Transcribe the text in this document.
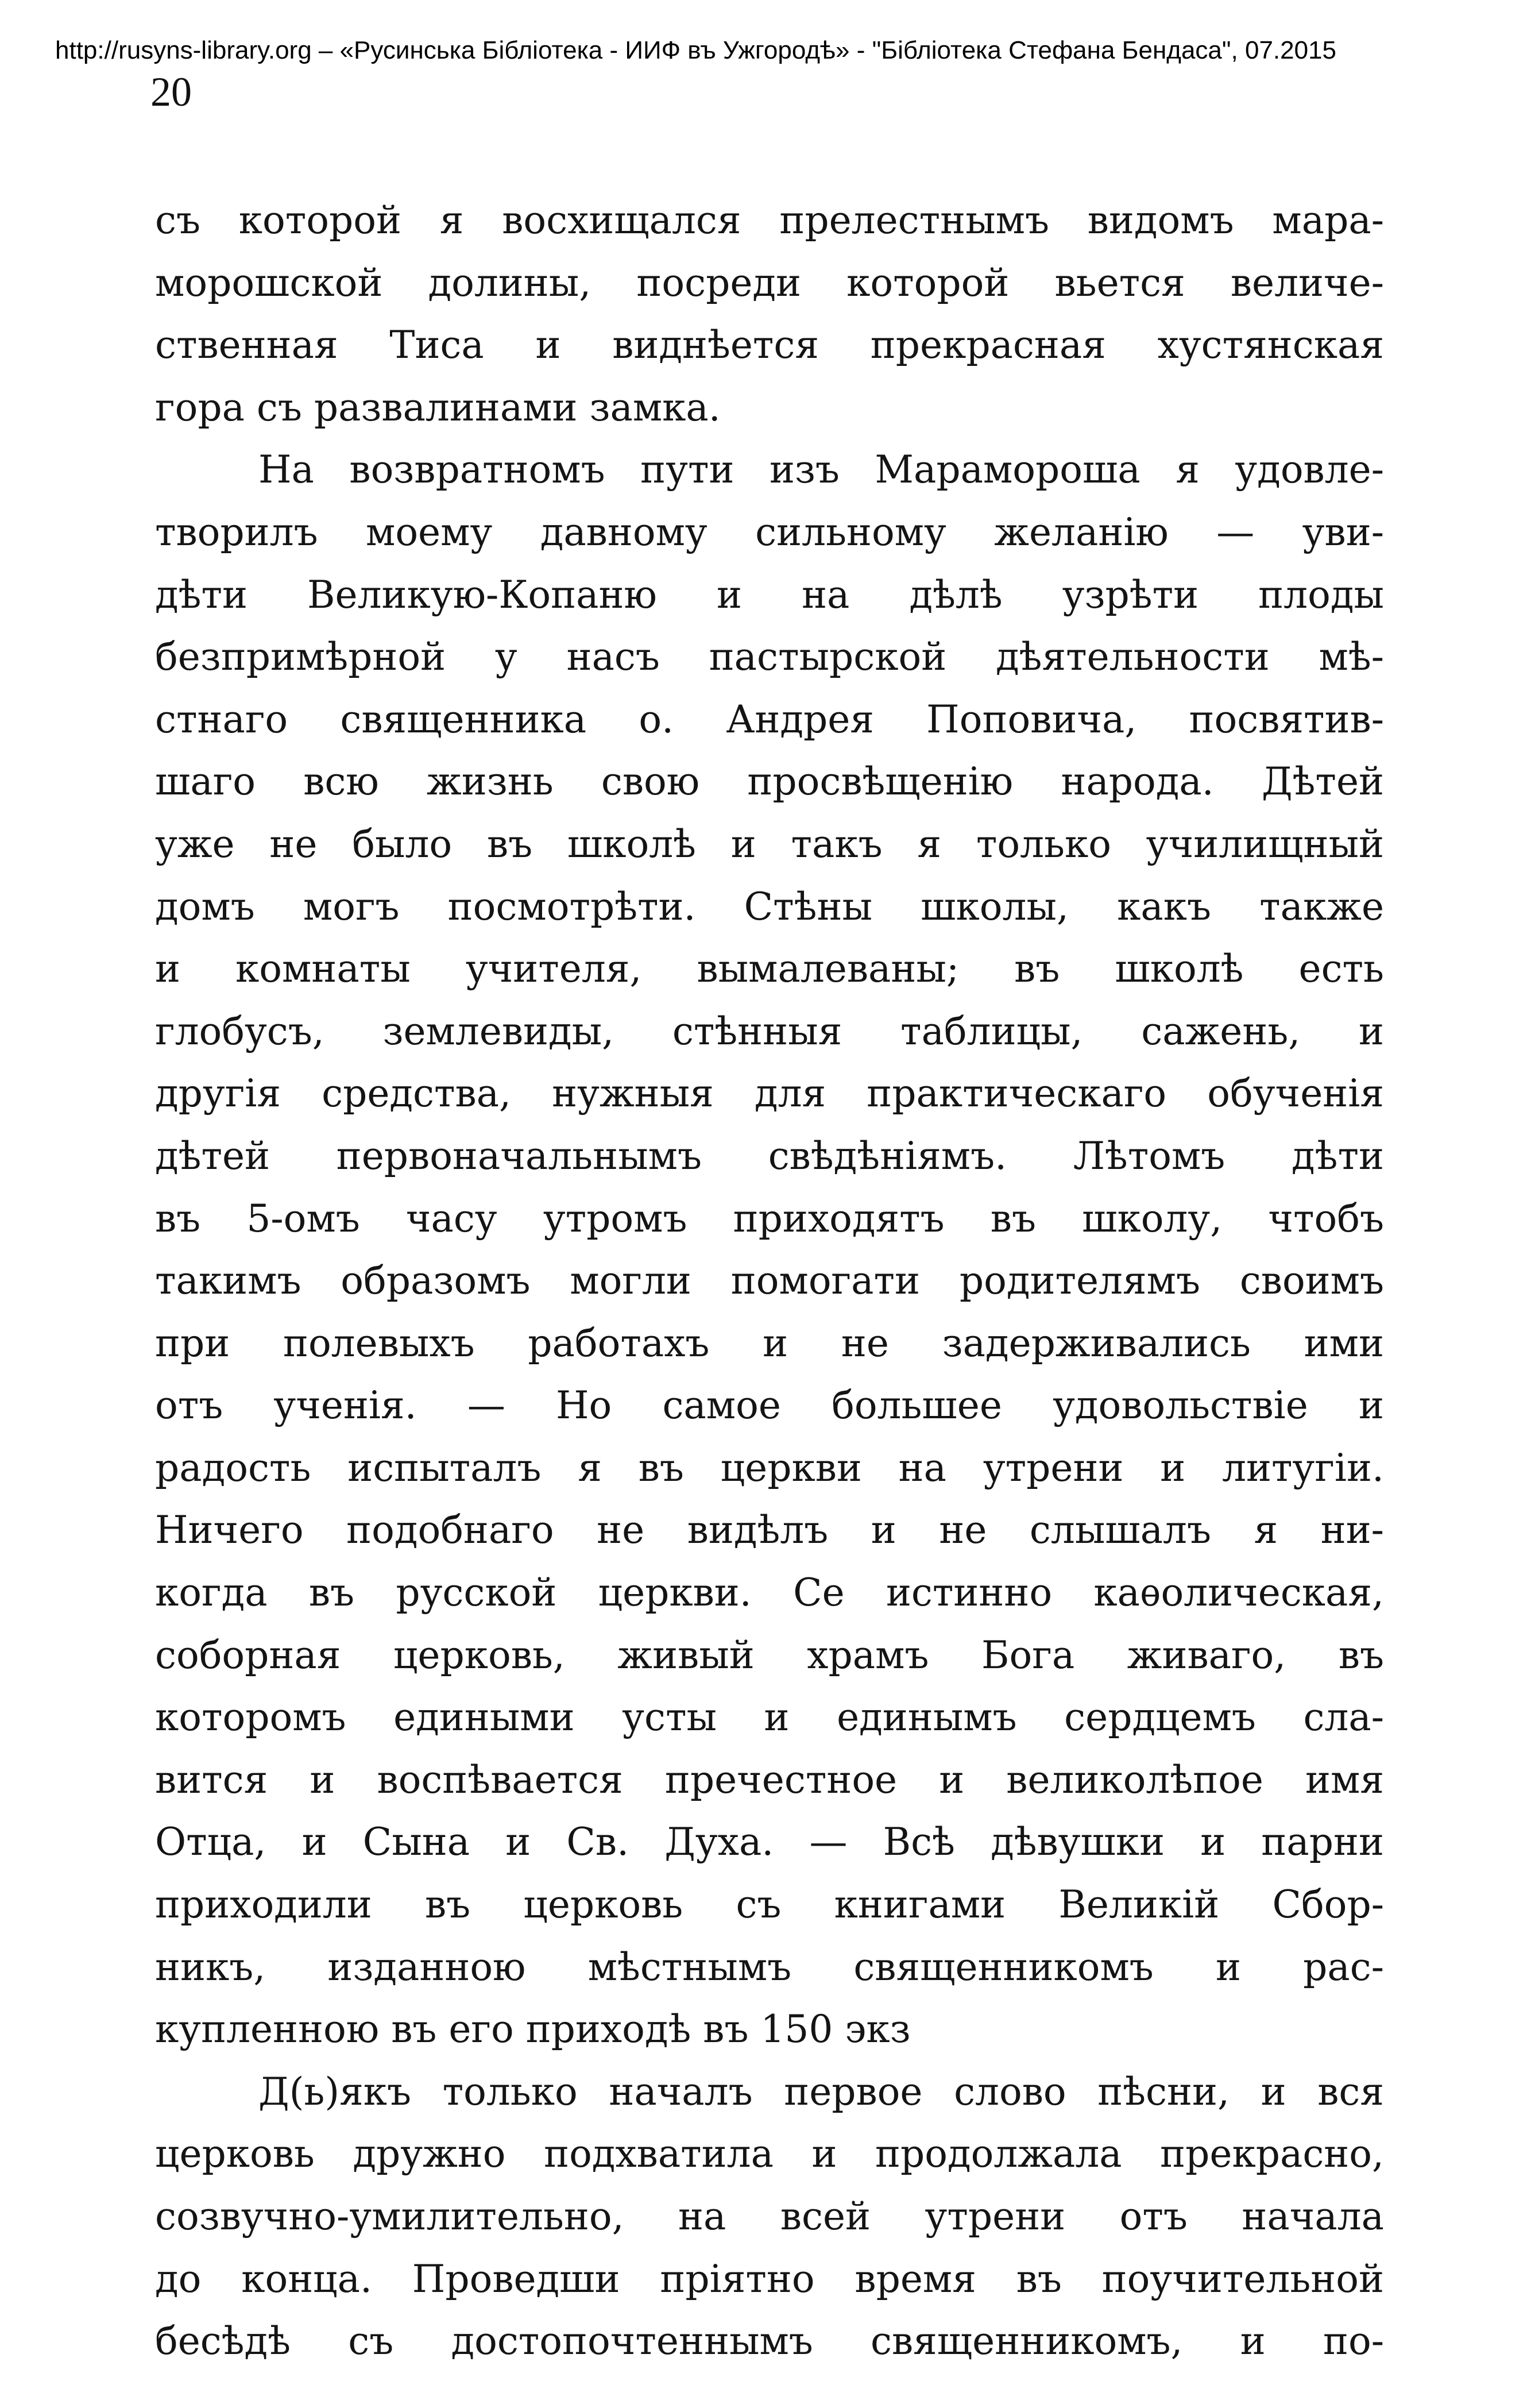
http://rusyns-library.org – «Русинська Бiблiотека - ИИФ въ Ужгородѣ» - "Бiблiотека Стефана Бендаса", 07.2015
20
съ которой я восхищался прелестнымъ видомъ мара-
морошской долины, посреди которой вьется величе-
ственная Тиса и виднѣется прекрасная хустянская
гора съ развалинами замка.
На возвратномъ пути изъ Мараморoша я удовле-
творилъ моему давному сильному желанiю — уви-
дѣти Великую-Копаню и на дѣлѣ узрѣти плоды
безпримѣрной у насъ пастырской дѣятельности мѣ-
стнаго священника о. Андрея Поповича, посвятив-
шаго всю жизнь свою просвѣщенiю народа. Дѣтей
уже не было въ школѣ и такъ я только училищный
домъ могъ посмотрѣти. Стѣны школы, какъ также
и комнаты учителя, вымалеваны; въ школѣ есть
глобусъ, землевиды, стѣнныя таблицы, сажень, и
другiя средства, нужныя для практическаго обученiя
дѣтей первоначальнымъ свѣдѣнiямъ. Лѣтомъ дѣти
въ 5-омъ часу утромъ приходятъ въ школу, чтобъ
такимъ образомъ могли помогати родителямъ своимъ
при полевыхъ работахъ и не задерживались ими
отъ ученiя. — Но самое большее удовольствiе и
радость испыталъ я въ церкви на утрени и литугiи.
Ничего подобнаго не видѣлъ и не слышалъ я ни-
когда въ русской церкви. Се истинно каѳолическая,
соборная церковь, живый храмъ Бога живаго, въ
которомъ едиными усты и единымъ сердцемъ сла-
вится и воспѣвается пречестное и великолѣпое имя
Отца, и Сына и Св. Духа. — Всѣ дѣвушки и парни
приходили въ церковь съ книгами Великiй Сбор-
никъ, изданною мѣстнымъ священникомъ и рас-
купленною въ его приходѣ въ 150 экз
Д(ь)якъ только началъ первое слово пѣсни, и вся
церковь дружно подхватила и продолжала прекрасно,
созвучно-умилительно, на всей утрени отъ начала
до конца. Проведши прiятно время въ поучительной
бесѣдѣ съ достопочтеннымъ священникомъ, и по-
